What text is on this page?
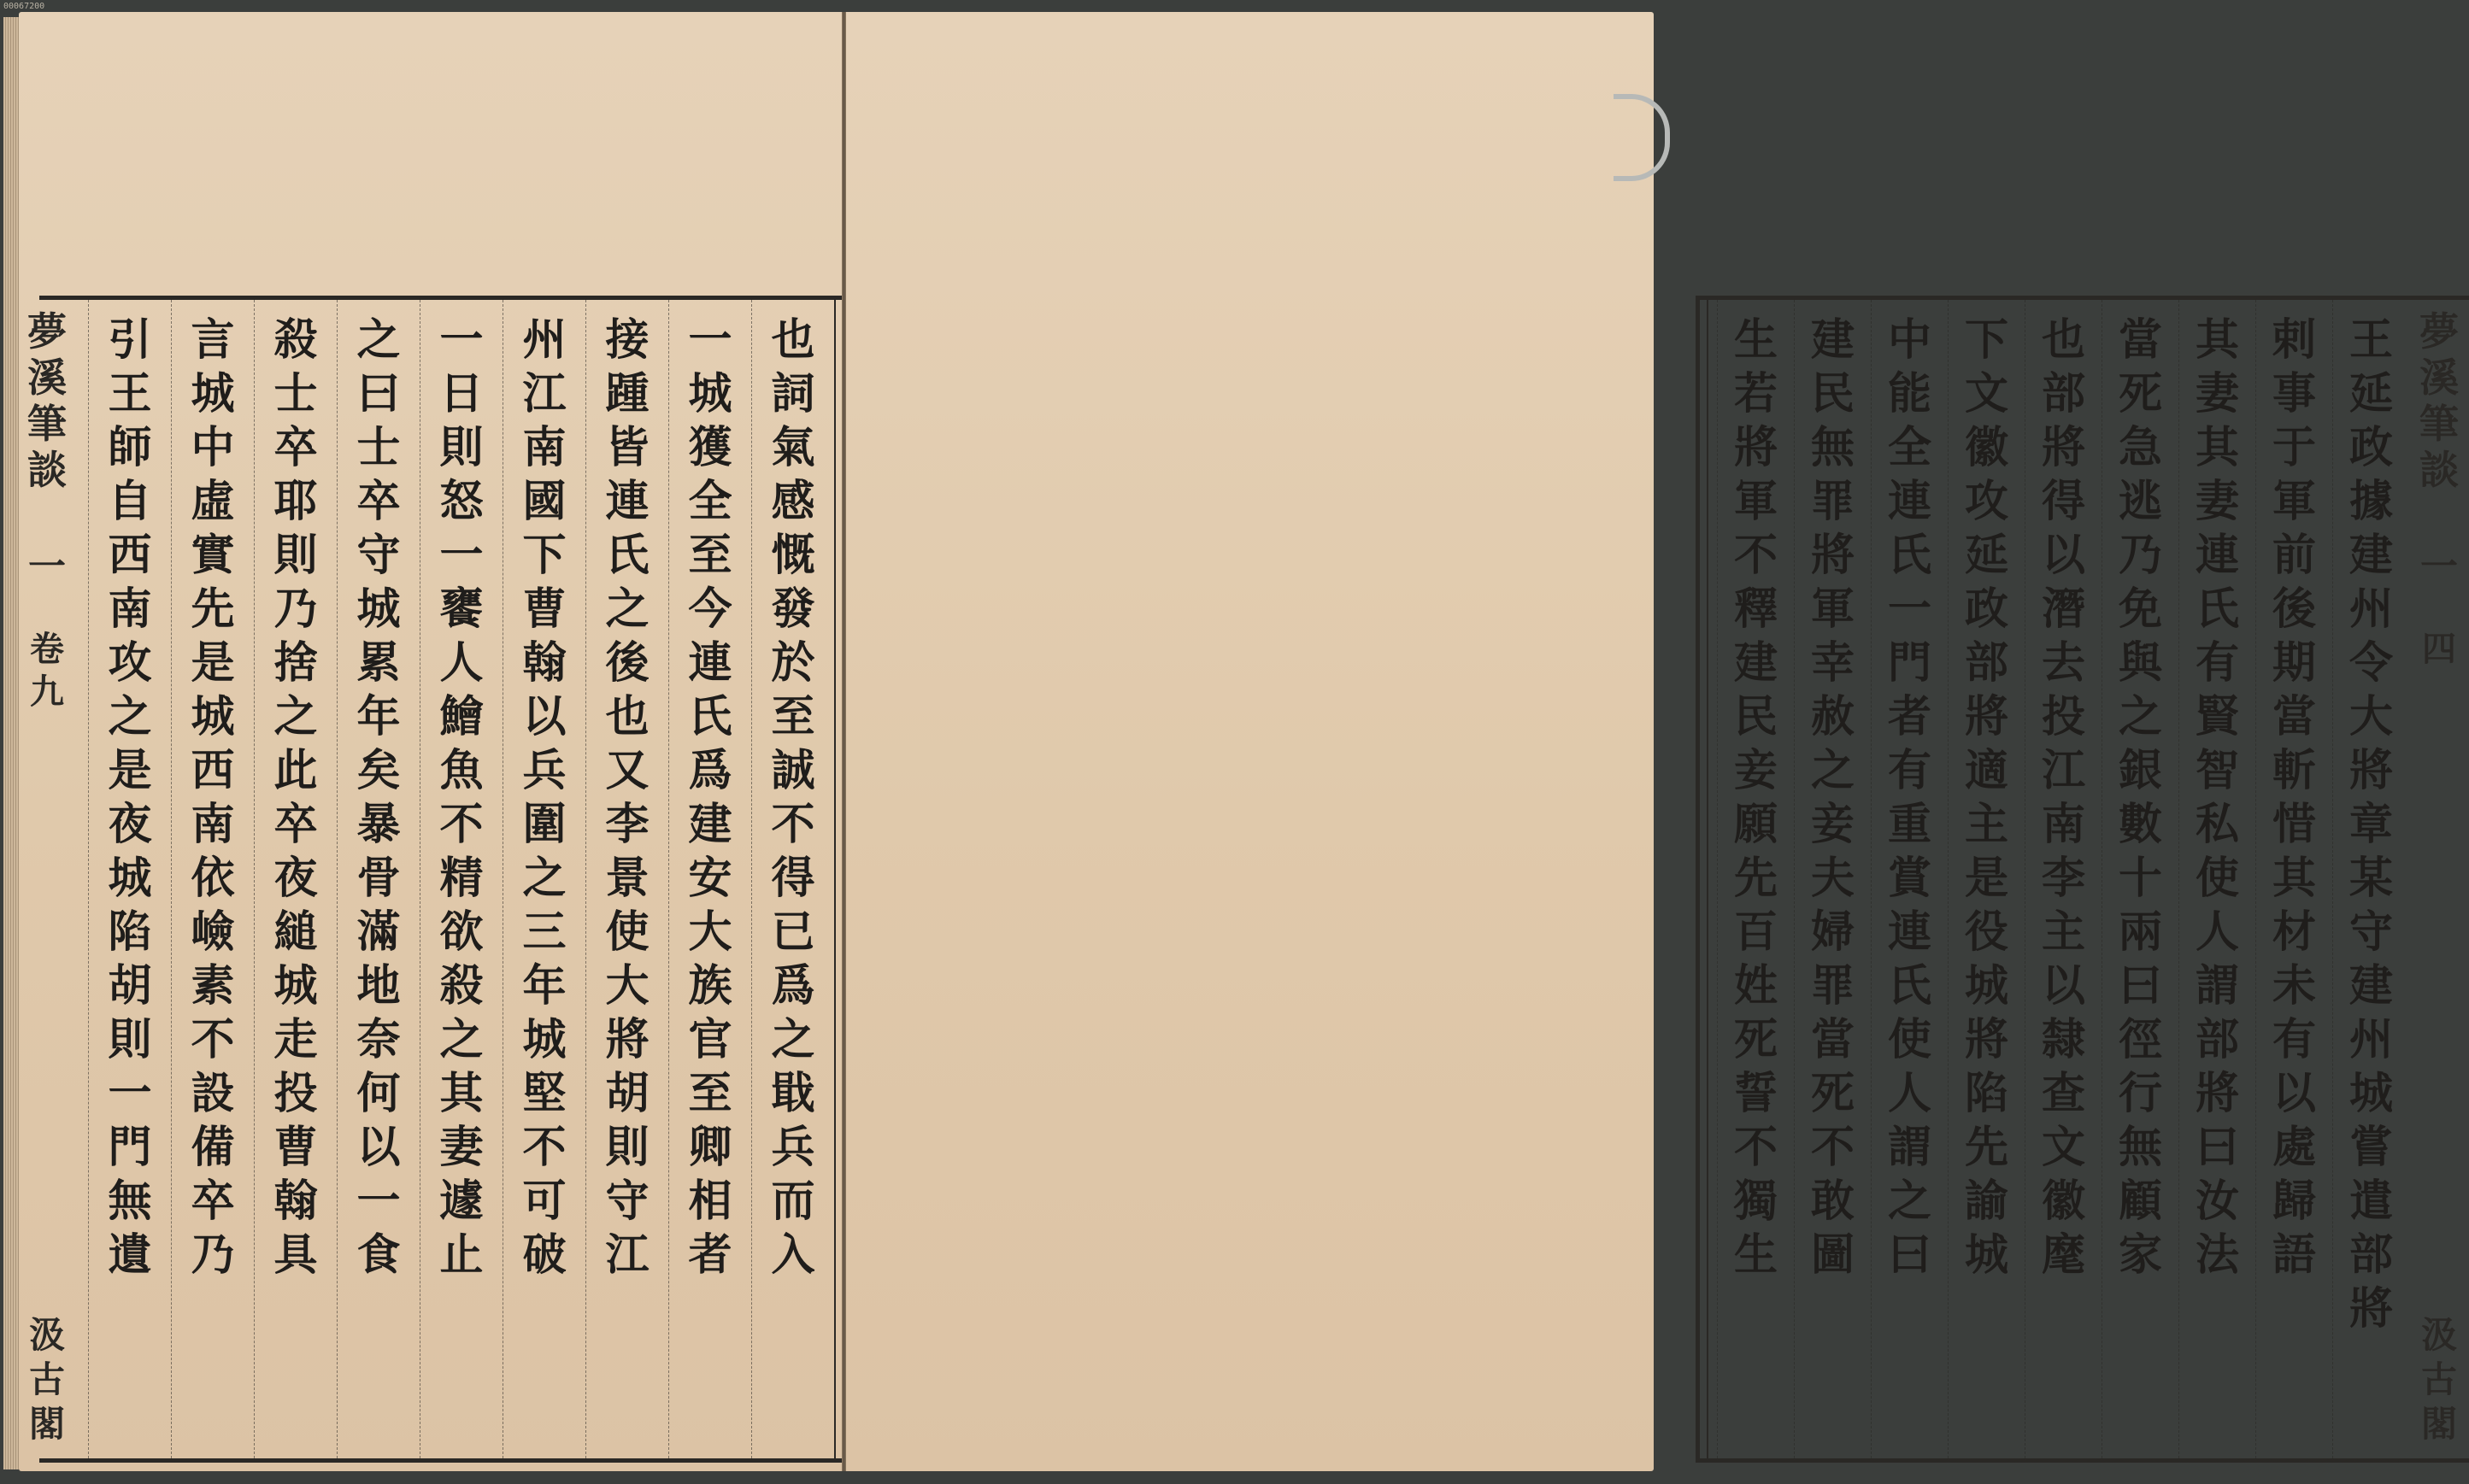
00067200
夢
溪
筆
談
一
卷
九
汲
古
閣
也
詞
氣
感
慨
發
於
至
誠
不
得
已
爲
之
戢
兵
而
入
一
城
獲
全
至
今
連
氏
爲
建
安
大
族
官
至
卿
相
者
接
踵
皆
連
氏
之
後
也
又
李
景
使
大
將
胡
則
守
江
州
江
南
國
下
曹
翰
以
兵
圍
之
三
年
城
堅
不
可
破
一
日
則
怒
一
饔
人
鱠
魚
不
精
欲
殺
之
其
妻
遽
止
之
曰
士
卒
守
城
累
年
矣
暴
骨
滿
地
奈
何
以
一
食
殺
士
卒
耶
則
乃
捨
之
此
卒
夜
縋
城
走
投
曹
翰
具
言
城
中
虛
實
先
是
城
西
南
依
嶮
素
不
設
備
卒
乃
引
王
師
自
西
南
攻
之
是
夜
城
陷
胡
則
一
門
無
遺
夢
溪
筆
談
一
四
汲
古
閣
王
延
政
據
建
州
令
大
將
章
某
守
建
州
城
嘗
遣
部
將
剌
事
于
軍
前
後
期
當
斬
惜
其
材
未
有
以
處
歸
語
其
妻
其
妻
連
氏
有
賢
智
私
使
人
謂
部
將
曰
汝
法
當
死
急
逃
乃
免
與
之
銀
數
十
兩
曰
徑
行
無
顧
家
也
部
將
得
以
潛
去
投
江
南
李
主
以
隸
查
文
徽
麾
下
文
徽
攻
延
政
部
將
適
主
是
役
城
將
陷
先
諭
城
中
能
全
連
氏
一
門
者
有
重
賞
連
氏
使
人
謂
之
曰
建
民
無
罪
將
軍
幸
赦
之
妾
夫
婦
罪
當
死
不
敢
圖
生
若
將
軍
不
釋
建
民
妾
願
先
百
姓
死
誓
不
獨
生
